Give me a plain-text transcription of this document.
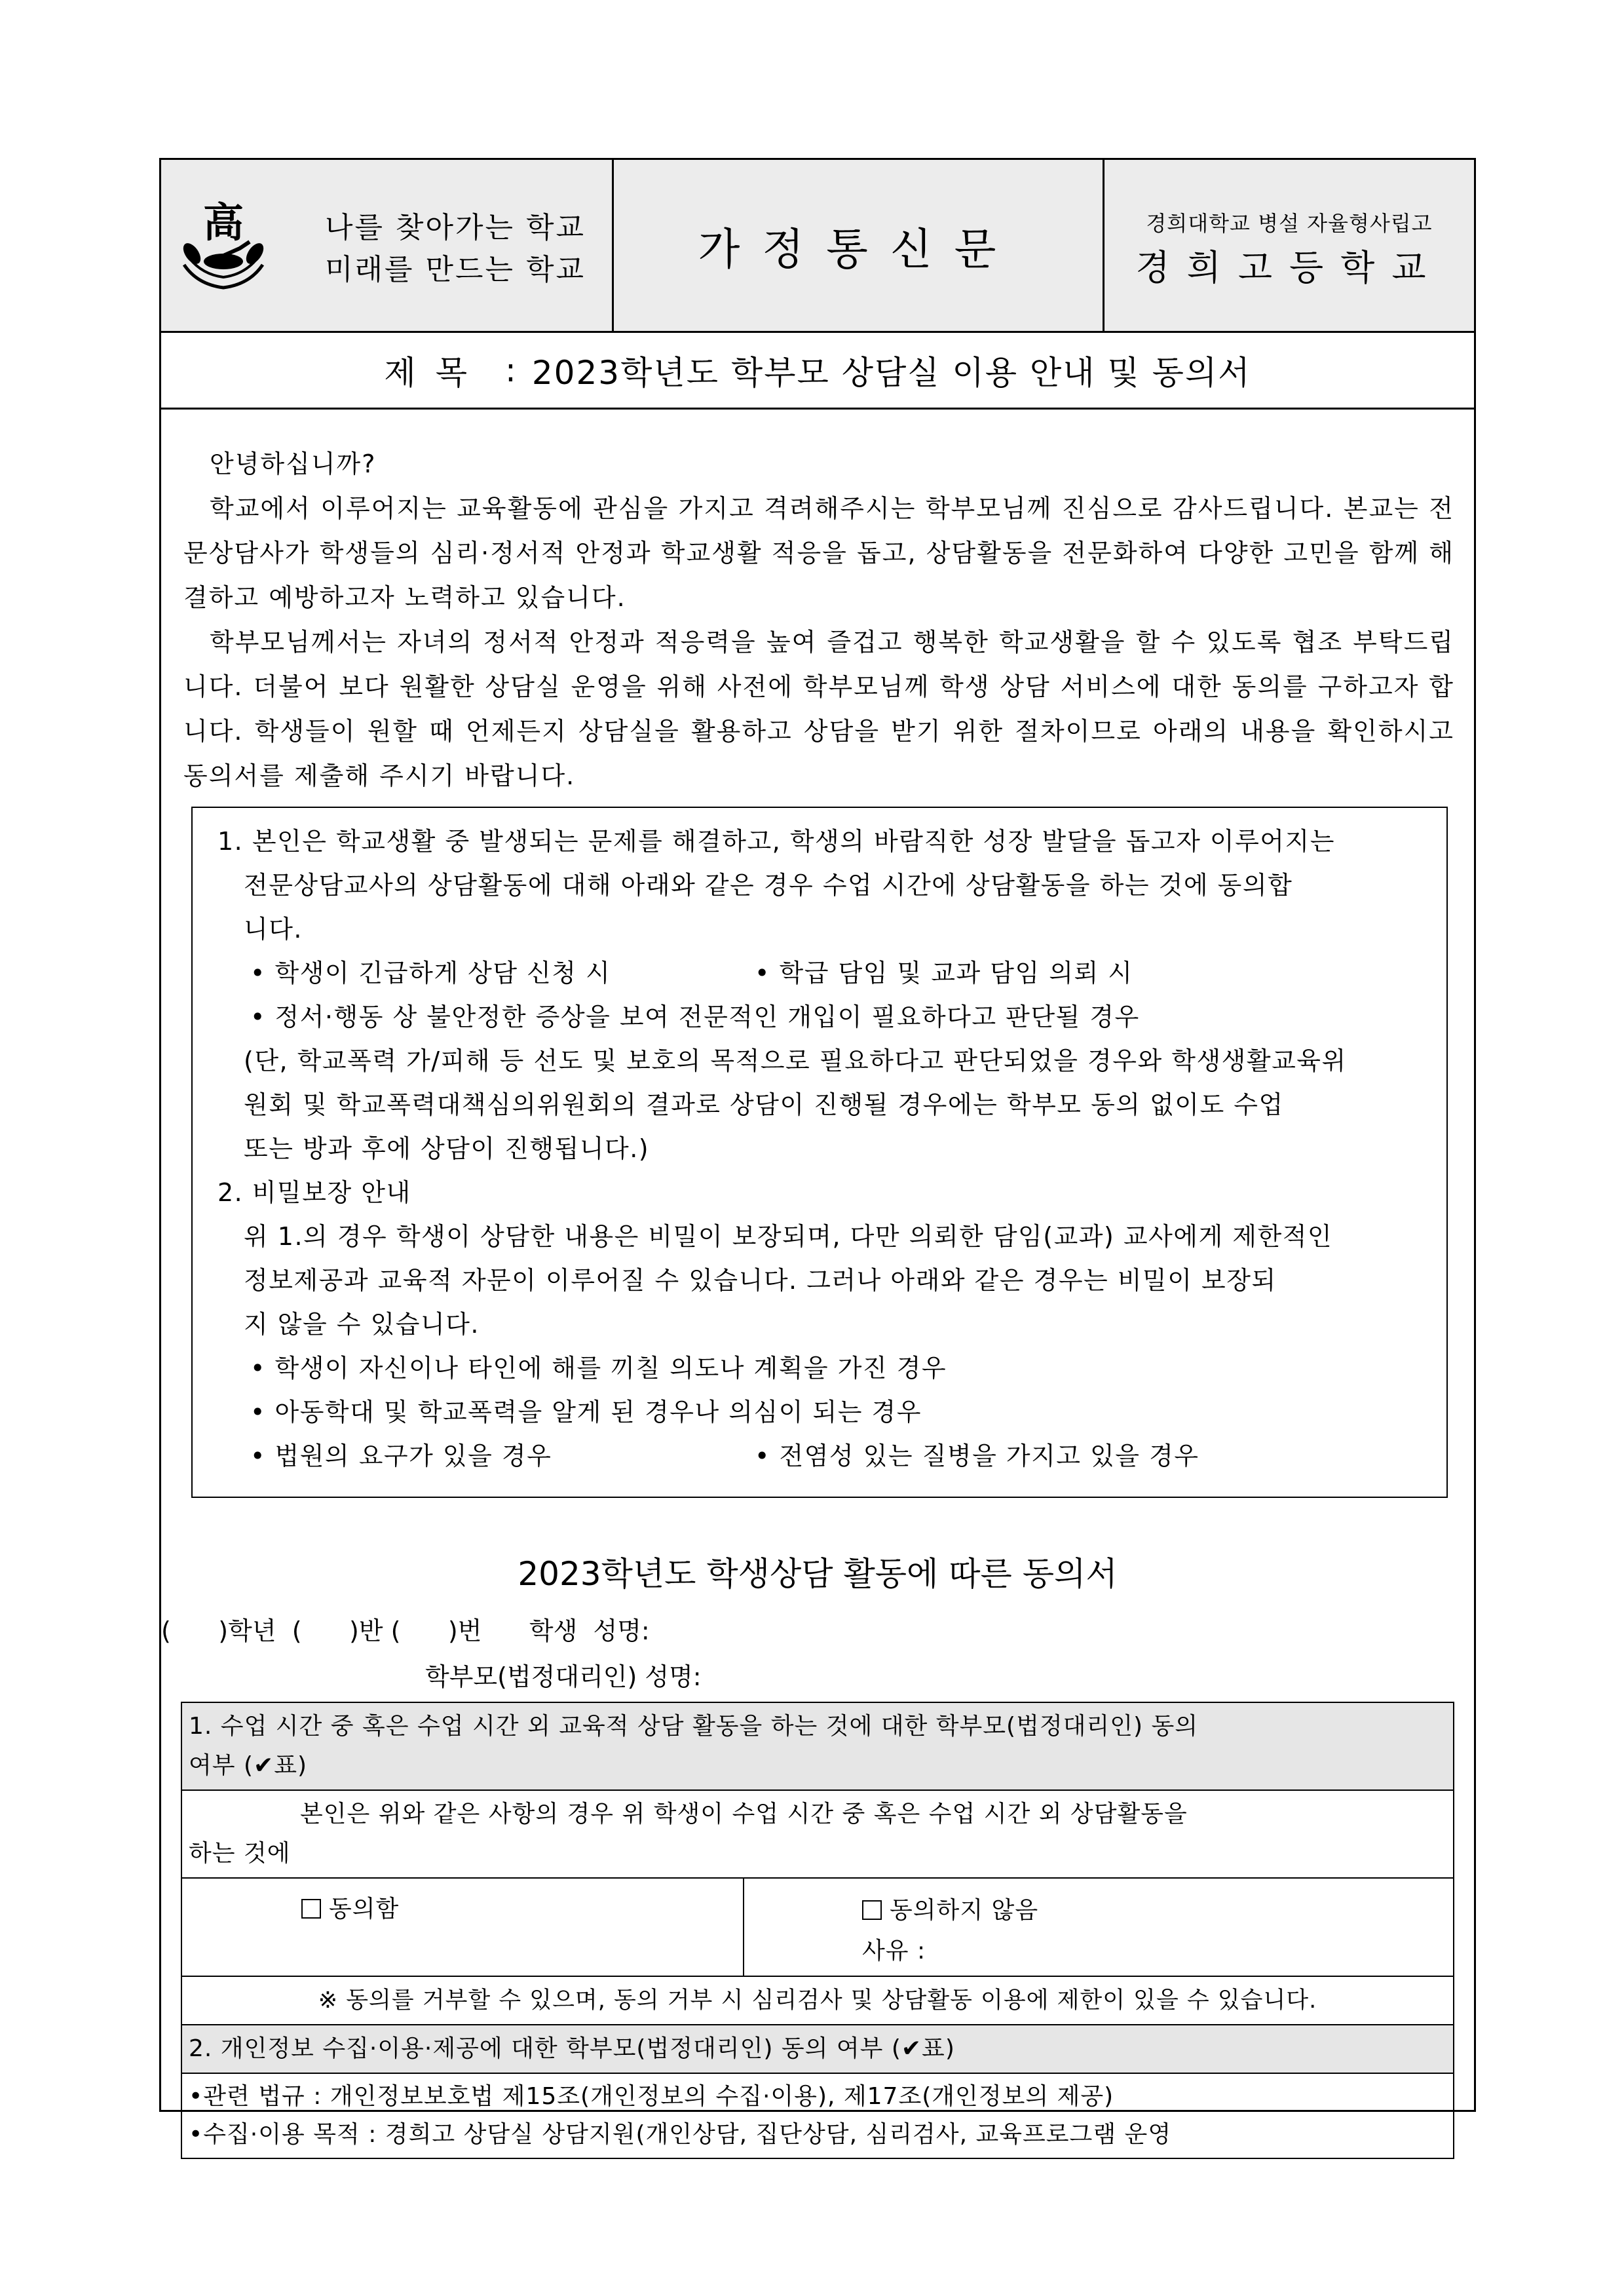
高	나를 찾아가는 학교
미래를 만드는 학교	가정통신문
경희대학교 병설 자율형사립고
경희고등학교
제목 : 2023학년도 학부모 상담실 이용 안내 및 동의서

안녕하십니까?

학교에서 이루어지는 교육활동에 관심을 가지고 격려해주시는 학부모님께 진심으로 감사드립니다. 본교는 전문상담사가 학생들의 심리·정서적 안정과 학교생활 적응을 돕고, 상담활동을 전문화하여 다양한 고민을 함께 해결하고 예방하고자 노력하고 있습니다.

학부모님께서는 자녀의 정서적 안정과 적응력을 높여 즐겁고 행복한 학교생활을 할 수 있도록 협조 부탁드립니다. 더불어 보다 원활한 상담실 운영을 위해 사전에 학부모님께 학생 상담 서비스에 대한 동의를 구하고자 합니다. 학생들이 원할 때 언제든지 상담실을 활용하고 상담을 받기 위한 절차이므로 아래의 내용을 확인하시고 동의서를 제출해 주시기 바랍니다.

1. 본인은 학교생활 중 발생되는 문제를 해결하고, 학생의 바람직한 성장 발달을 돕고자 이루어지는
전문상담교사의 상담활동에 대해 아래와 같은 경우 수업 시간에 상담활동을 하는 것에 동의합
니다.
• 학생이 긴급하게 상담 신청 시	• 학급 담임 및 교과 담임 의뢰 시
• 정서·행동 상 불안정한 증상을 보여 전문적인 개입이 필요하다고 판단될 경우
(단, 학교폭력 가/피해 등 선도 및 보호의 목적으로 필요하다고 판단되었을 경우와 학생생활교육위
원회 및 학교폭력대책심의위원회의 결과로 상담이 진행될 경우에는 학부모 동의 없이도 수업
또는 방과 후에 상담이 진행됩니다.)
2. 비밀보장 안내
위 1.의 경우 학생이 상담한 내용은 비밀이 보장되며, 다만 의뢰한 담임(교과) 교사에게 제한적인
정보제공과 교육적 자문이 이루어질 수 있습니다. 그러나 아래와 같은 경우는 비밀이 보장되
지 않을 수 있습니다.
• 학생이 자신이나 타인에 해를 끼칠 의도나 계획을 가진 경우
• 아동학대 및 학교폭력을 알게 된 경우나 의심이 되는 경우
• 법원의 요구가 있을 경우	• 전염성 있는 질병을 가지고 있을 경우
2023학년도 학생상담 활동에 따른 동의서
(      )학년  (      )반 (      )번      학생  성명:
학부모(법정대리인) 성명:
1. 수업 시간 중 혹은 수업 시간 외 교육적 상담 활동을 하는 것에 대한 학부모(법정대리인) 동의
여부 (✔표)

본인은 위와 같은 사항의 경우 위 학생이 수업 시간 중 혹은 수업 시간 외 상담활동을
하는 것에

동의함	동의하지 않음
사유 :

※ 동의를 거부할 수 있으며, 동의 거부 시 심리검사 및 상담활동 이용에 제한이 있을 수 있습니다.
2. 개인정보 수집·이용·제공에 대한 학부모(법정대리인) 동의 여부 (✔표)

•관련 법규 : 개인정보보호법 제15조(개인정보의 수집·이용), 제17조(개인정보의 제공)
•수집·이용 목적 : 경희고 상담실 상담지원(개인상담, 집단상담, 심리검사, 교육프로그램 운영
